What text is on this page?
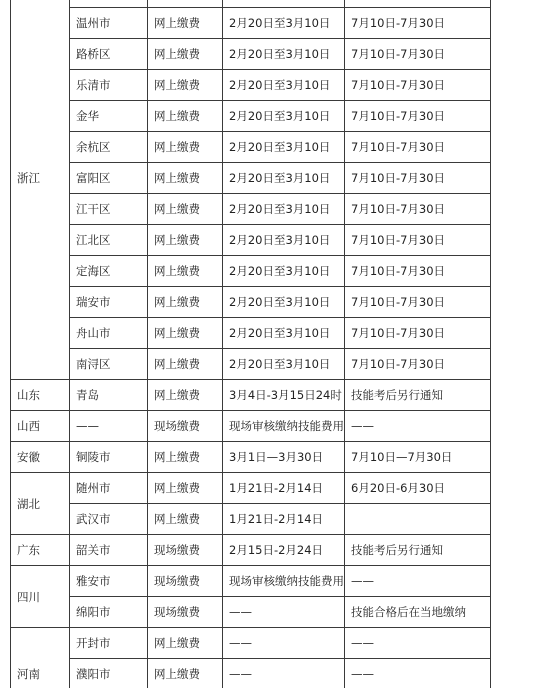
浙江				
	温州市	网上缴费	2月20日至3月10日	7月10日-7月30日
	路桥区	网上缴费	2月20日至3月10日	7月10日-7月30日
	乐清市	网上缴费	2月20日至3月10日	7月10日-7月30日
	金华	网上缴费	2月20日至3月10日	7月10日-7月30日
	余杭区	网上缴费	2月20日至3月10日	7月10日-7月30日
	富阳区	网上缴费	2月20日至3月10日	7月10日-7月30日
	江干区	网上缴费	2月20日至3月10日	7月10日-7月30日
	江北区	网上缴费	2月20日至3月10日	7月10日-7月30日
	定海区	网上缴费	2月20日至3月10日	7月10日-7月30日
	瑞安市	网上缴费	2月20日至3月10日	7月10日-7月30日
	舟山市	网上缴费	2月20日至3月10日	7月10日-7月30日
	南浔区	网上缴费	2月20日至3月10日	7月10日-7月30日
山东	青岛	网上缴费	3月4日-3月15日24时	技能考后另行通知
山西	——	现场缴费	现场审核缴纳技能费用	——
安徽	铜陵市	网上缴费	3月1日—3月30日	7月10日—7月30日
湖北	随州市	网上缴费	1月21日-2月14日	6月20日-6月30日
	武汉市	网上缴费	1月21日-2月14日	
广东	韶关市	现场缴费	2月15日-2月24日	技能考后另行通知
四川	雅安市	现场缴费	现场审核缴纳技能费用	——
	绵阳市	现场缴费	——	技能合格后在当地缴纳
河南	开封市	网上缴费	——	——
	濮阳市	网上缴费	——	——
